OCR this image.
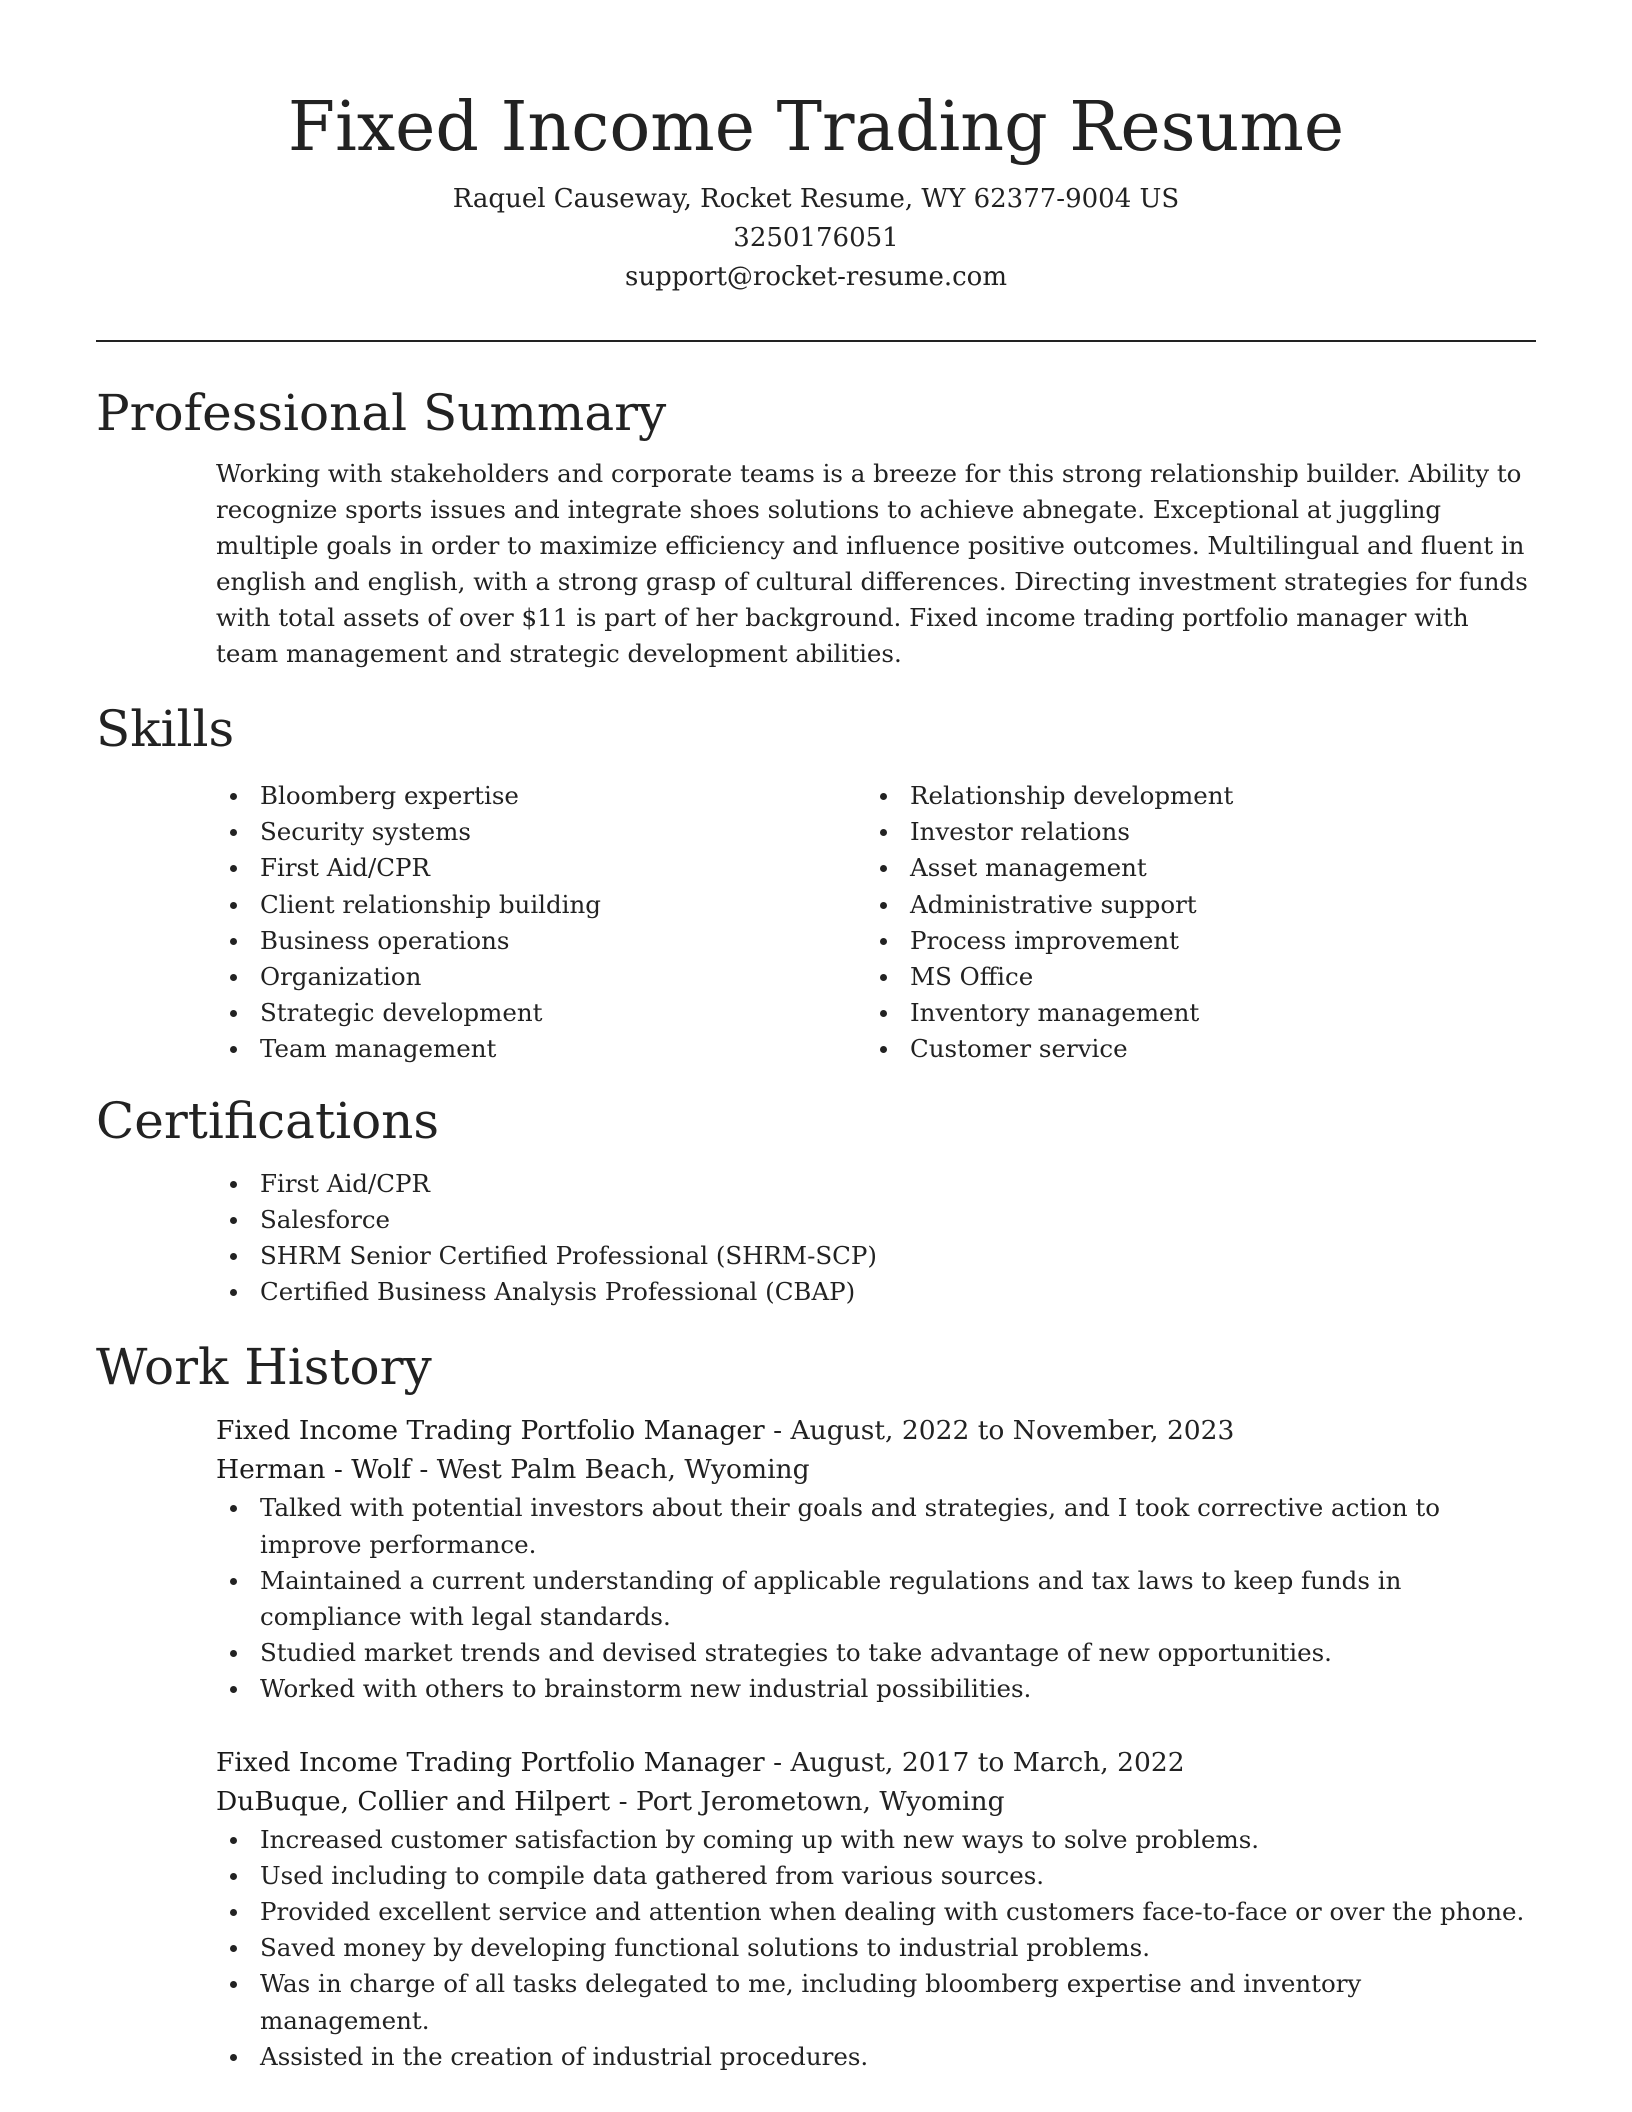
Fixed Income Trading Resume
Raquel Causeway, Rocket Resume, WY 62377-9004 US
3250176051
support@rocket-resume.com
Professional Summary

Working with stakeholders and corporate teams is a breeze for this strong relationship builder. Ability to recognize sports issues and integrate shoes solutions to achieve abnegate. Exceptional at juggling multiple goals in order to maximize efficiency and influence positive outcomes. Multilingual and fluent in english and english, with a strong grasp of cultural differences. Directing investment strategies for funds with total assets of over $11 is part of her background. Fixed income trading portfolio manager with team management and strategic development abilities.

Skills
Bloomberg expertise
Security systems
First Aid/CPR
Client relationship building
Business operations
Organization
Strategic development
Team management
Relationship development
Investor relations
Asset management
Administrative support
Process improvement
MS Office
Inventory management
Customer service
Certifications
First Aid/CPR
Salesforce
SHRM Senior Certified Professional (SHRM-SCP)
Certified Business Analysis Professional (CBAP)
Work History
Fixed Income Trading Portfolio Manager - August, 2022 to November, 2023
Herman - Wolf - West Palm Beach, Wyoming
Talked with potential investors about their goals and strategies, and I took corrective action to improve performance.
Maintained a current understanding of applicable regulations and tax laws to keep funds in compliance with legal standards.
Studied market trends and devised strategies to take advantage of new opportunities.
Worked with others to brainstorm new industrial possibilities.
Fixed Income Trading Portfolio Manager - August, 2017 to March, 2022
DuBuque, Collier and Hilpert - Port Jerometown, Wyoming
Increased customer satisfaction by coming up with new ways to solve problems.
Used including to compile data gathered from various sources.
Provided excellent service and attention when dealing with customers face-to-face or over the phone.
Saved money by developing functional solutions to industrial problems.
Was in charge of all tasks delegated to me, including bloomberg expertise and inventory management.
Assisted in the creation of industrial procedures.
